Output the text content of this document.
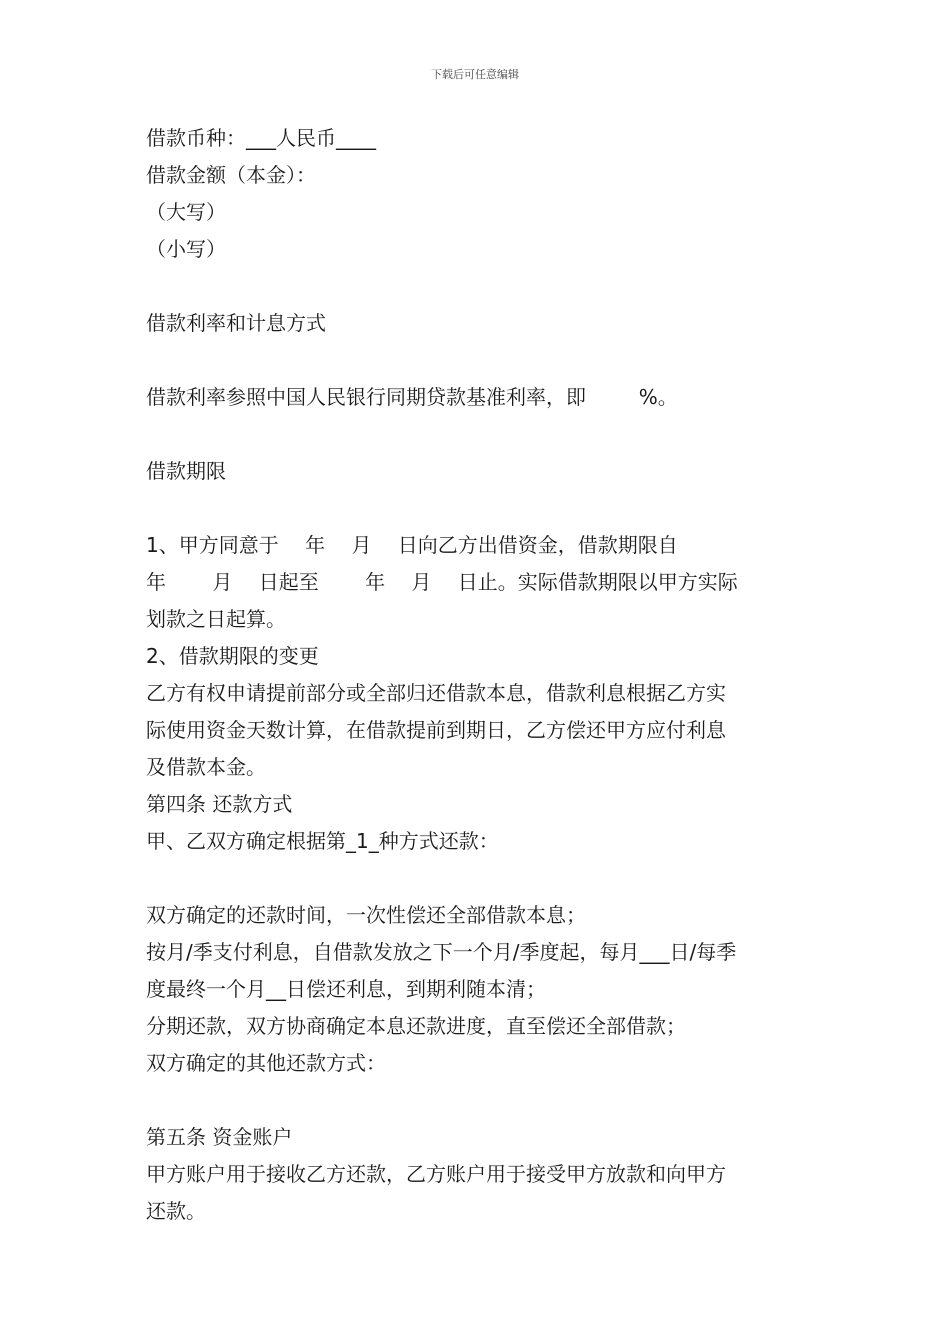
下载后可任意编辑
借款币种：___人民币____
借款金额（本金）：
（大写）
（小写）
借款利率和计息方式
借款利率参照中国人民银行同期贷款基准利率，即 　　 %。
借款期限
1、甲方同意于　 年　 月　 日向乙方出借资金，借款期限自
年　 　月　 日起至　 　年　 月　 日止。实际借款期限以甲方实际
划款之日起算。
2、借款期限的变更
乙方有权申请提前部分或全部归还借款本息，借款利息根据乙方实
际使用资金天数计算，在借款提前到期日，乙方偿还甲方应付利息
及借款本金。
第四条 还款方式
甲、乙双方确定根据第_1_种方式还款：
双方确定的还款时间，一次性偿还全部借款本息；
按月/季支付利息，自借款发放之下一个月/季度起，每月___日/每季
度最终一个月__日偿还利息，到期利随本清；
分期还款，双方协商确定本息还款进度，直至偿还全部借款；
双方确定的其他还款方式：
第五条 资金账户
甲方账户用于接收乙方还款，乙方账户用于接受甲方放款和向甲方
还款。
